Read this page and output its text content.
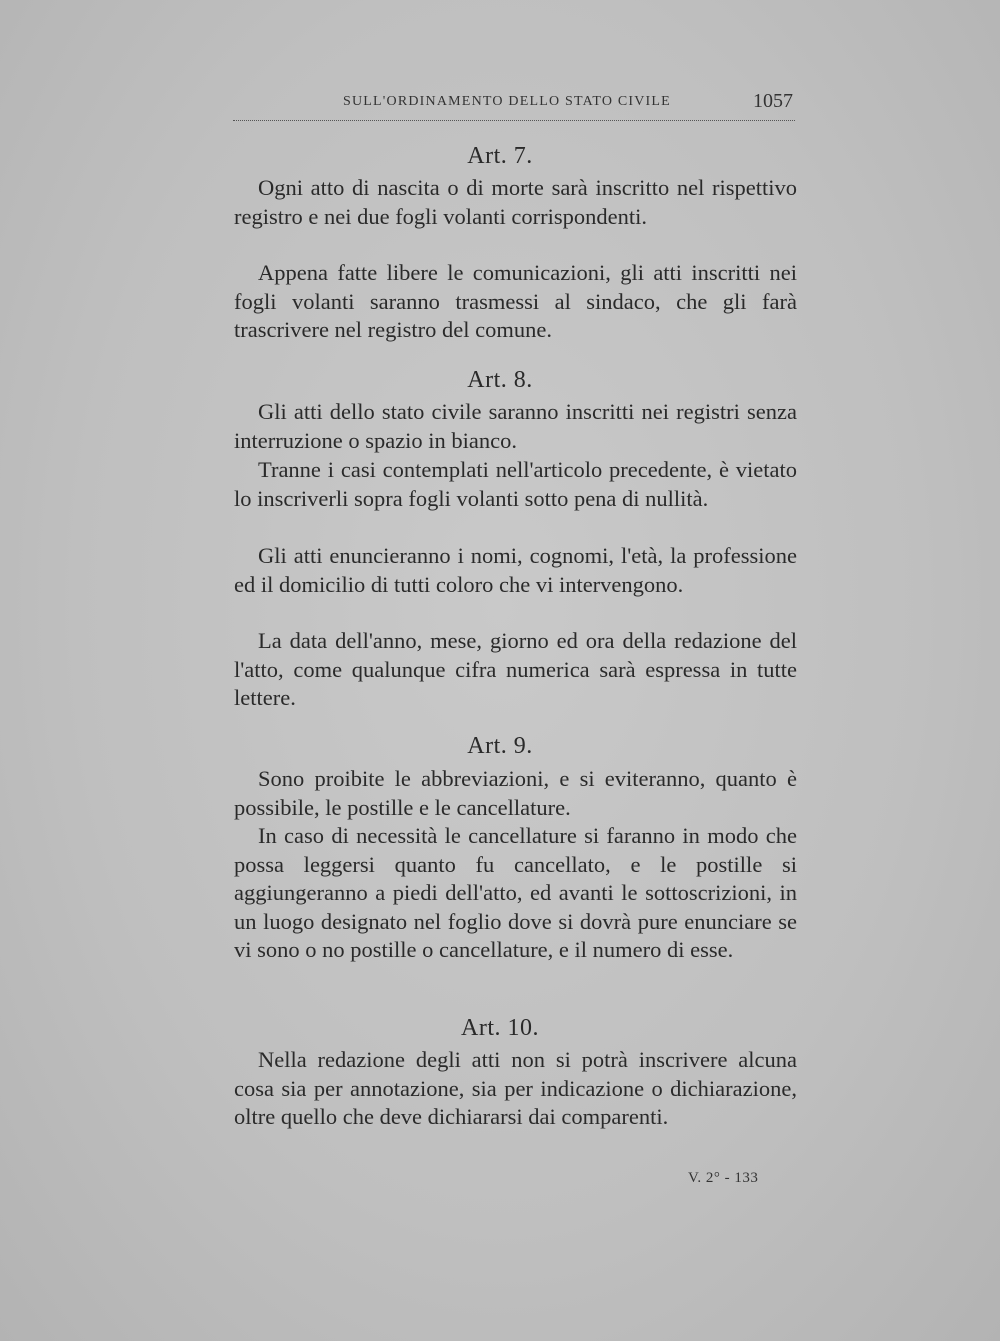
SULL'ORDINAMENTO DELLO STATO CIVILE	1057
Art. 7.

Ogni atto di nascita o di morte sarà inscritto nel rispettivo registro e nei due fogli volanti corrispondenti.

Appena fatte libere le comunicazioni, gli atti inscritti nei fogli volanti saranno trasmessi al sindaco, che gli farà trascrivere nel registro del comune.

Art. 8.

Gli atti dello stato civile saranno inscritti nei registri senza interruzione o spazio in bianco.

Tranne i casi contemplati nell'articolo precedente, è vietato lo inscriverli sopra fogli volanti sotto pena di nullità.

Gli atti enuncieranno i nomi, cognomi, l'età, la professione ed il domicilio di tutti coloro che vi intervengono.

La data dell'anno, mese, giorno ed ora della redazione del l'atto, come qualunque cifra numerica sarà espressa in tutte lettere.

Art. 9.

Sono proibite le abbreviazioni, e si eviteranno, quanto è possibile, le postille e le cancellature.

In caso di necessità le cancellature si faranno in modo che possa leggersi quanto fu cancellato, e le postille si aggiungeranno a piedi dell'atto, ed avanti le sottoscrizioni, in un luogo designato nel foglio dove si dovrà pure enunciare se vi sono o no postille o cancellature, e il numero di esse.

Art. 10.

Nella redazione degli atti non si potrà inscrivere alcuna cosa sia per annotazione, sia per indicazione o dichiarazione, oltre quello che deve dichiararsi dai comparenti.

V. 2° - 133
